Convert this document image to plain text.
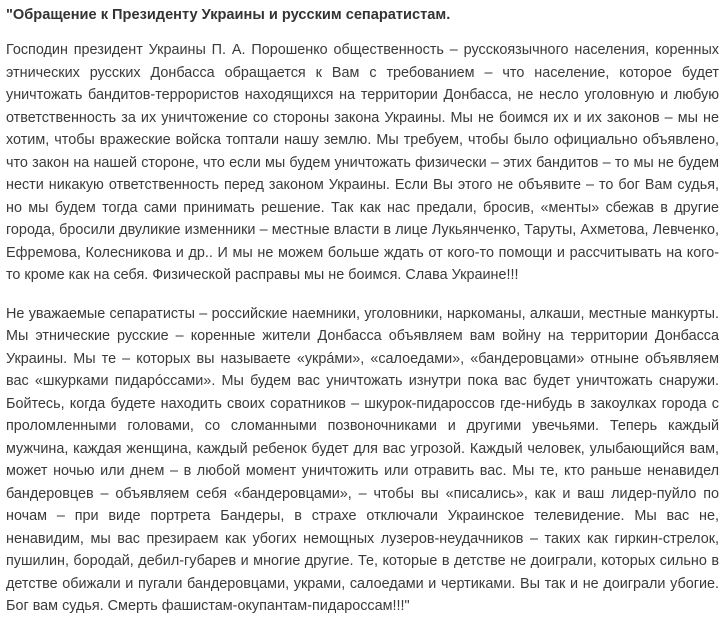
"Обращение к Президенту Украины и русским сепаратистам.

Господин президент Украины П. А. Порошенко общественность – русскоязычного населения, коренных этнических русских Донбасса обращается к Вам с требованием – что население, которое будет уничтожать бандитов-террористов находящихся на территории Донбасса, не несло уголовную и любую ответственность за их уничтожение со стороны закона Украины. Мы не боимся их и их законов – мы не хотим, чтобы вражеские войска топтали нашу землю. Мы требуем, чтобы было официально объявлено, что закон на нашей стороне, что если мы будем уничтожать физически – этих бандитов – то мы не будем нести никакую ответственность перед законом Украины. Если Вы этого не объявите – то бог Вам судья, но мы будем тогда сами принимать решение. Так как нас предали, бросив, «менты» сбежав в другие города, бросили двуликие изменники – местные власти в лице Лукьянченко, Таруты, Ахметова, Левченко, Ефремова, Колесникова и др.. И мы не можем больше ждать от кого-то помощи и рассчитывать на кого-то кроме как на себя. Физической расправы мы не боимся. Слава Украине!!!

Не уважаемые сепаратисты – российские наемники, уголовники, наркоманы, алкаши, местные манкурты. Мы этнические русские – коренные жители Донбасса объявляем вам войну на территории Донбасса Украины. Мы те – которых вы называете «укрáми», «салоедами», «бандеровцами» отныне объявляем вас «шкурками пидарóссами». Мы будем вас уничтожать изнутри пока вас будет уничтожать снаружи. Бойтесь, когда будете находить своих соратников – шкурок-пидароссов где-нибудь в закоулках города с проломленными головами, со сломанными позвоночниками и другими увечьями. Теперь каждый мужчина, каждая женщина, каждый ребенок будет для вас угрозой. Каждый человек, улыбающийся вам, может ночью или днем – в любой момент уничтожить или отравить вас. Мы те, кто раньше ненавидел бандеровцев – объявляем себя «бандеровцами», – чтобы вы «писались», как и ваш лидер-пуйло по ночам – при виде портрета Бандеры, в страхе отключали Украинское телевидение. Мы вас не, ненавидим, мы вас презираем как убогих немощных лузеров-неудачников – таких как гиркин-стрелок, пушилин, бородай, дебил-губарев и многие другие. Те, которые в детстве не доиграли, которых сильно в детстве обижали и пугали бандеровцами, украми, салоедами и чертиками. Вы так и не доиграли убогие. Бог вам судья. Смерть фашистам-окупантам-пидароссам!!!"
